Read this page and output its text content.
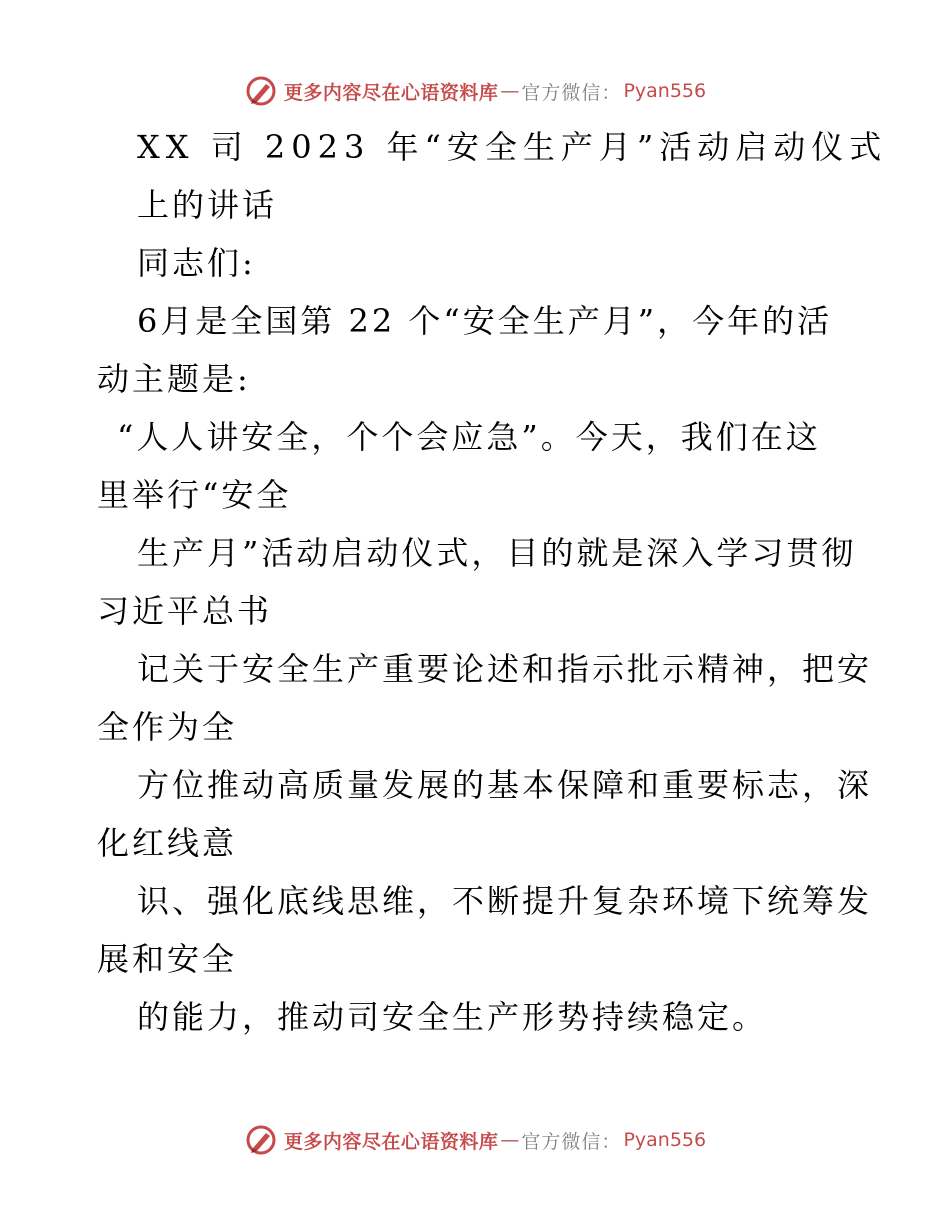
更多内容尽在心语资料库 — 官方微信： Pyan556
XX 司 2023 年“安全生产月”活动启动仪式
上的讲话
同志们:
6月是全国第 22 个“安全生产月”，今年的活
动主题是:
“人人讲安全，个个会应急”。今天，我们在这
里举行“安全
生产月”活动启动仪式，目的就是深入学习贯彻
习近平总书
记关于安全生产重要论述和指示批示精神，把安
全作为全
方位推动高质量发展的基本保障和重要标志，深
化红线意
识、强化底线思维，不断提升复杂环境下统筹发
展和安全
的能力，推动司安全生产形势持续稳定。
更多内容尽在心语资料库 — 官方微信： Pyan556
